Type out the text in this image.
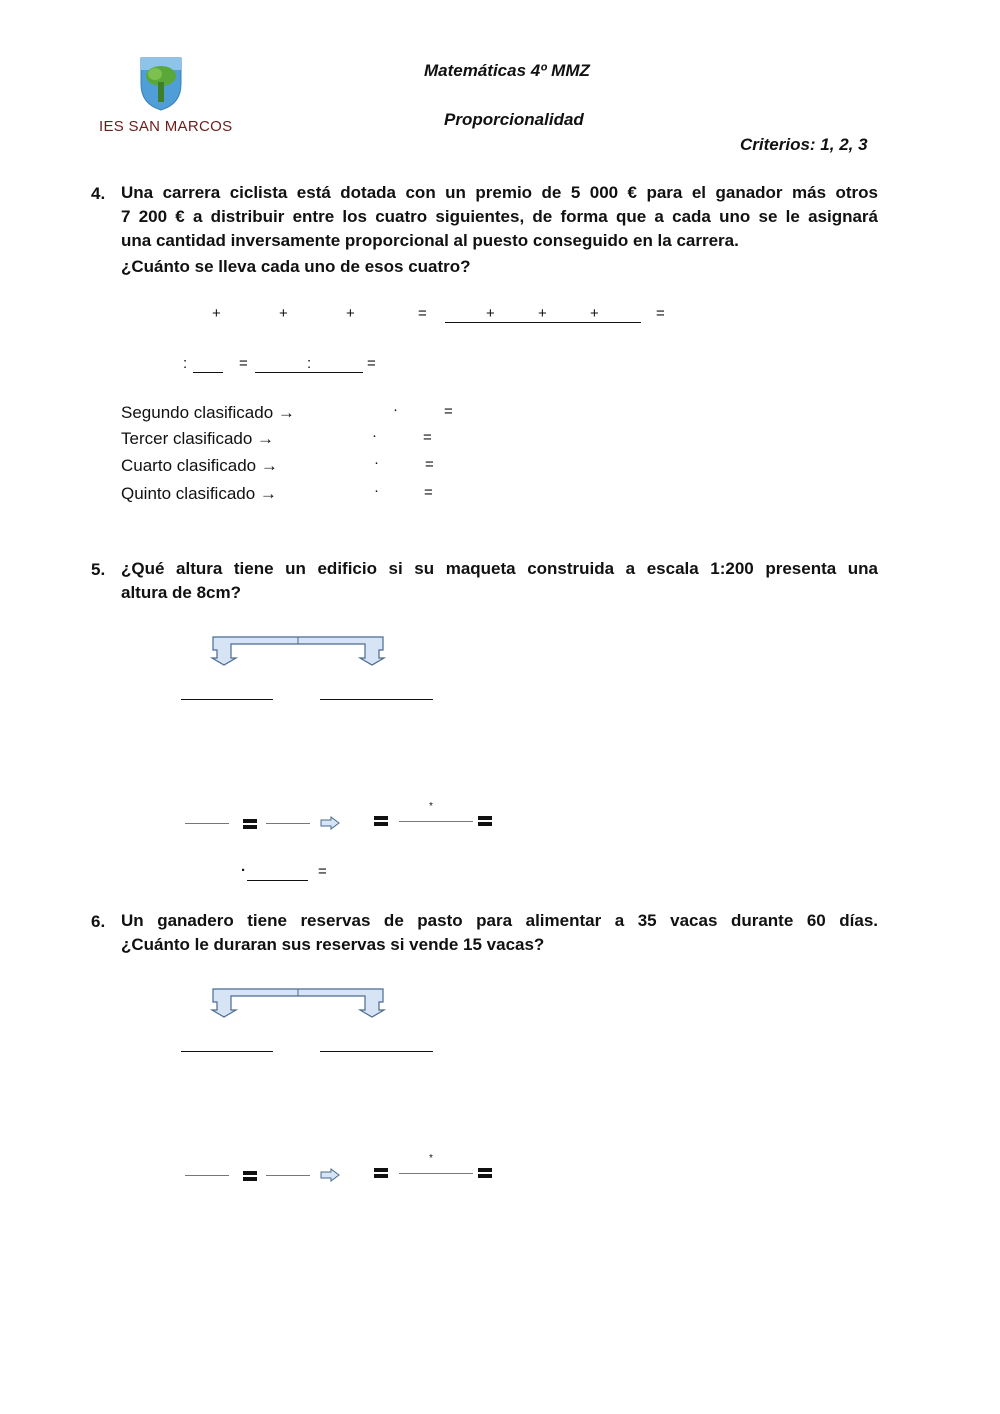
IES SAN MARCOS
Matemáticas 4º MMZ
Proporcionalidad
Criterios: 1, 2, 3
4. Una carrera ciclista está dotada con un premio de 5 000 € para el ganador más otros
7 200 € a distribuir entre los cuatro siguientes, de forma que a cada uno se le asignará
una cantidad inversamente proporcional al puesto conseguido en la carrera.
¿Cuánto se lleva cada uno de esos cuatro?
+	+	+	=	+	+	+	=
:	=	:	=
Segundo clasificado →	·	=
Tercer clasificado →	·	=
Cuarto clasificado →	·	=
Quinto clasificado →	·	=
5. ¿Qué altura tiene un edificio si su maqueta construida a escala 1:200 presenta una
altura de 8cm?
*
·	=
6. Un ganadero tiene reservas de pasto para alimentar a 35 vacas durante 60 días.
¿Cuánto le duraran sus reservas si vende 15 vacas?
*
